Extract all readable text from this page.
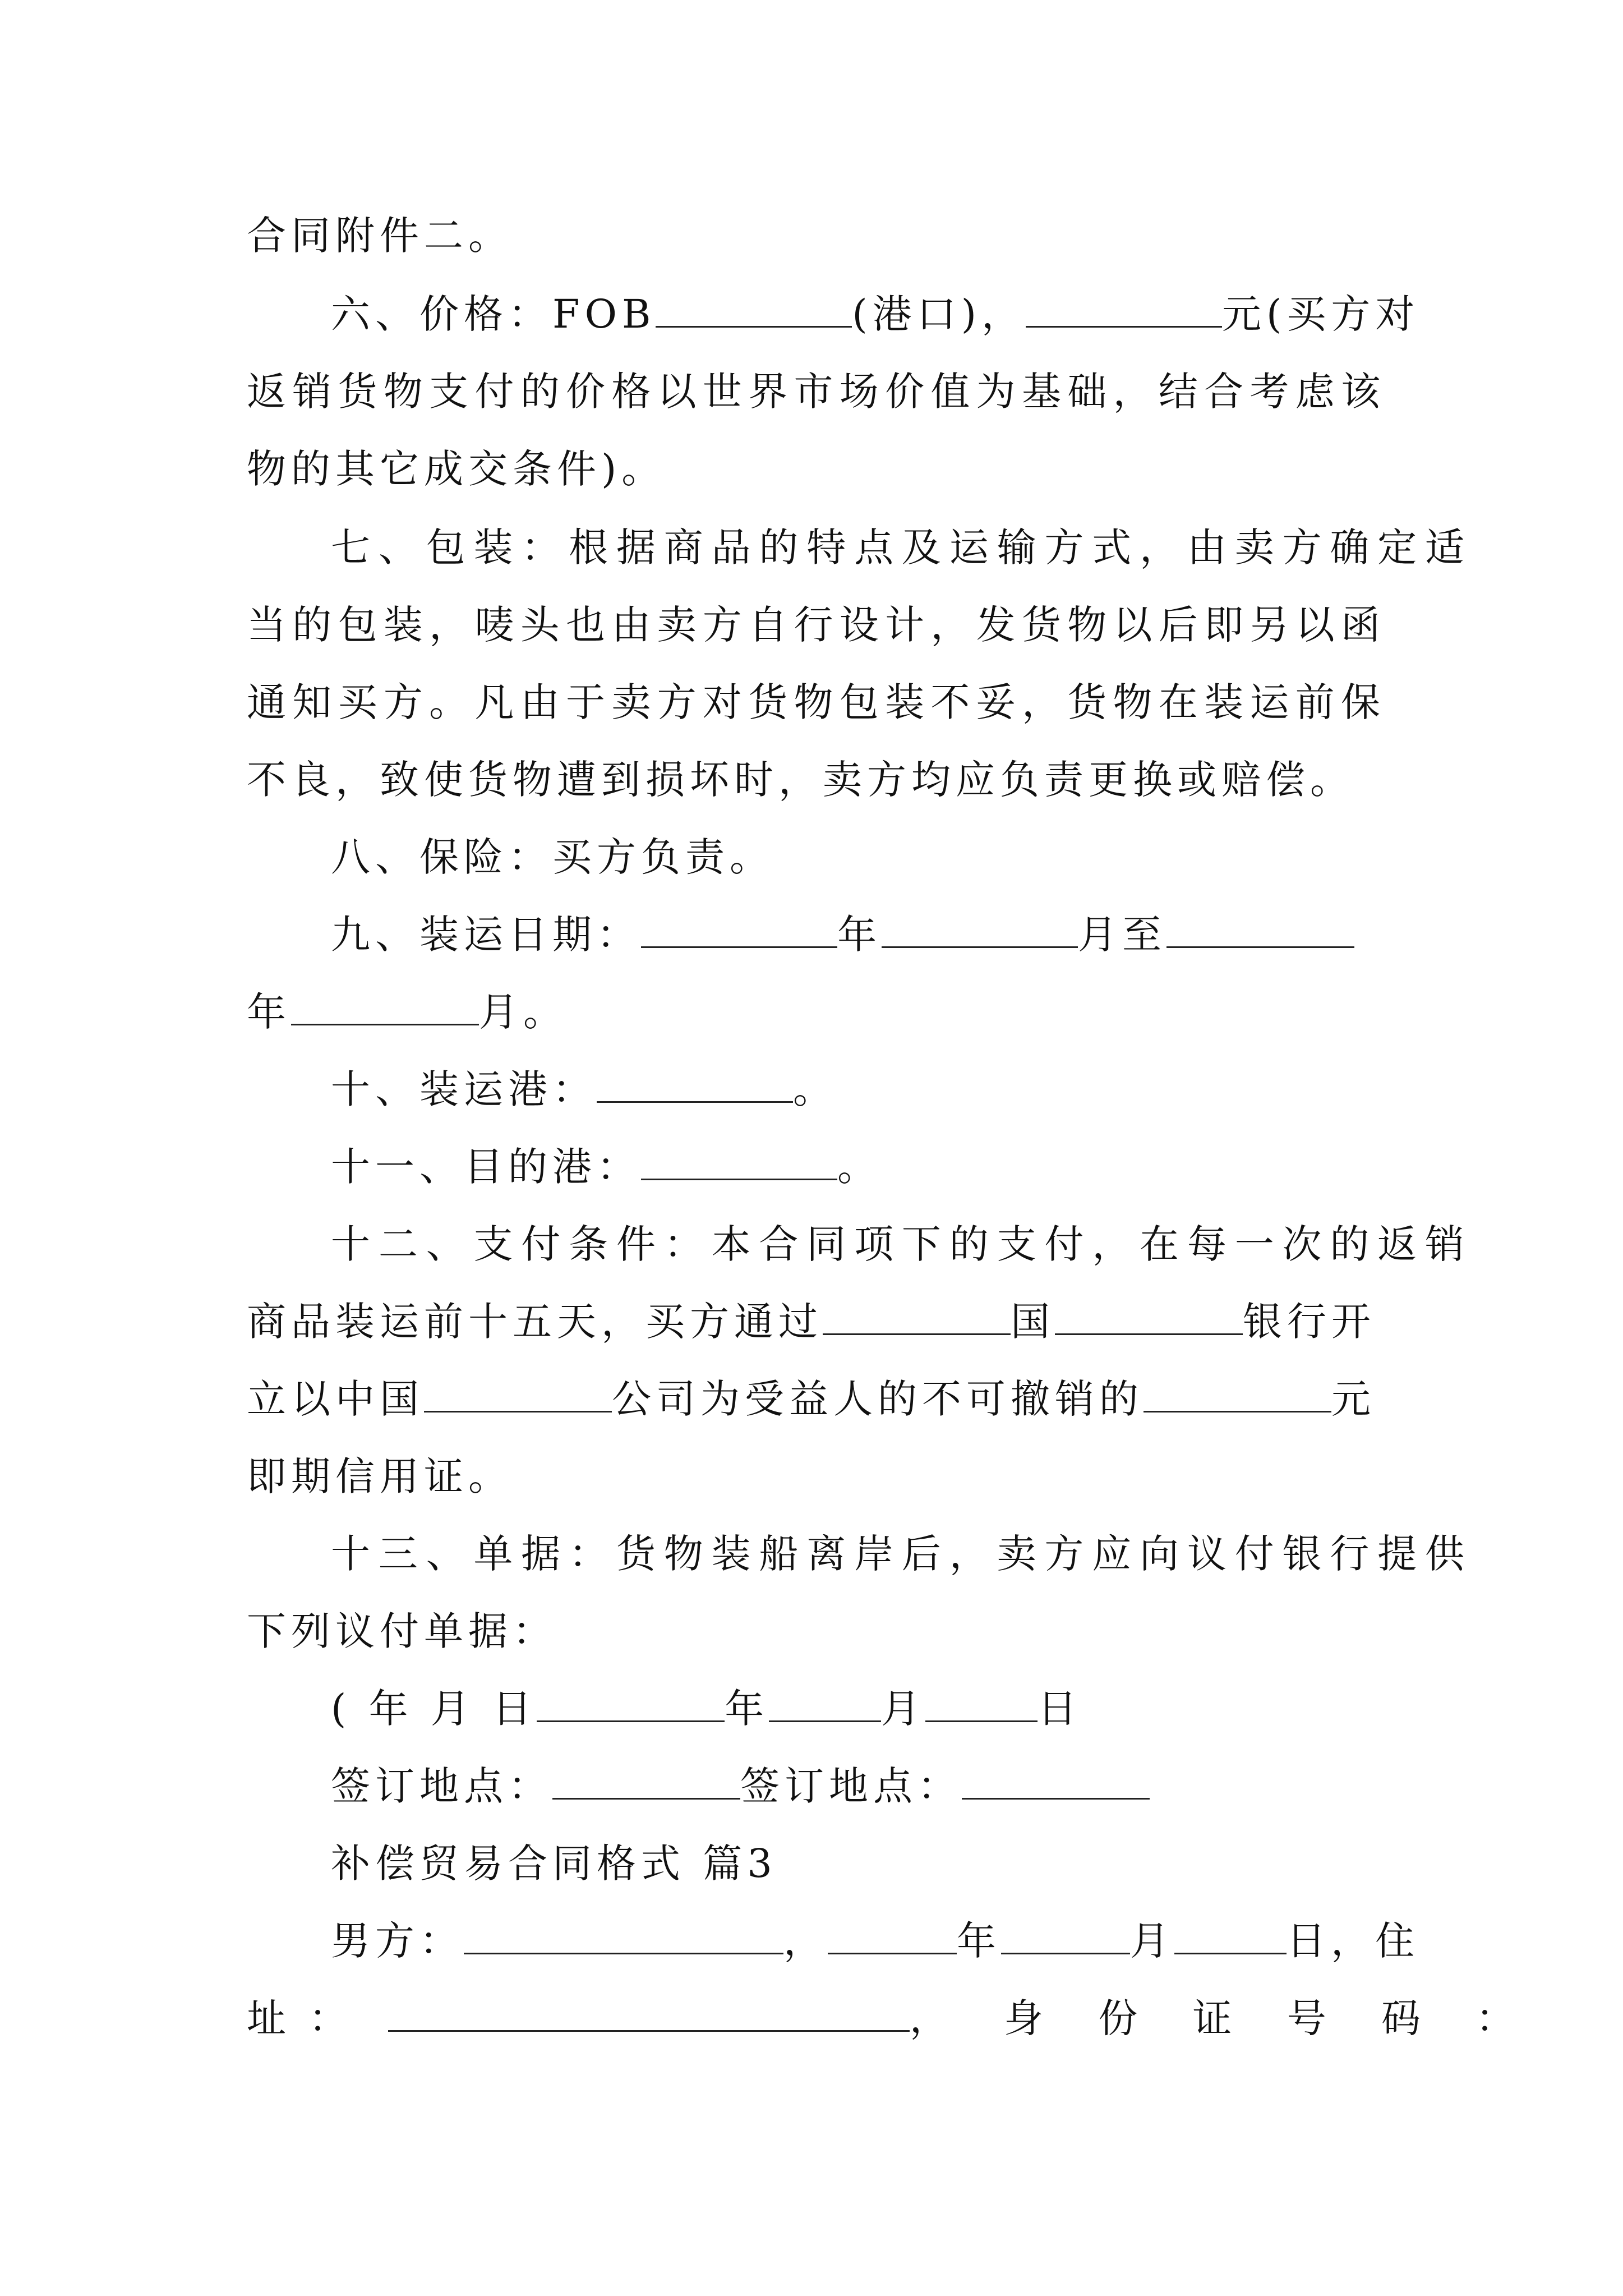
合同附件二。
六、价格：FOB	(港口)，	元(买方对
返销货物支付的价格以世界市场价值为基础，结合考虑该
物的其它成交条件)。
七、包装：根据商品的特点及运输方式，由卖方确定适
当的包装，唛头也由卖方自行设计，发货物以后即另以函
通知买方。凡由于卖方对货物包装不妥，货物在装运前保
不良，致使货物遭到损坏时，卖方均应负责更换或赔偿。
八、保险：买方负责。
九、装运日期：	年	月至
年	月。
十、装运港：	。
十一、目的港：	。
十二、支付条件：本合同项下的支付，在每一次的返销
商品装运前十五天，买方通过	国	银行开
立以中国	公司为受益人的不可撤销的	元
即期信用证。
十三、单据：货物装船离岸后，卖方应向议付银行提供
下列议付单据：
( 年 月 日	年	月	日
签订地点：	签订地点：
补偿贸易合同格式 篇3
男方：	，	年	月	日，住
址 ：	， 身 份 证 号 码 ：
